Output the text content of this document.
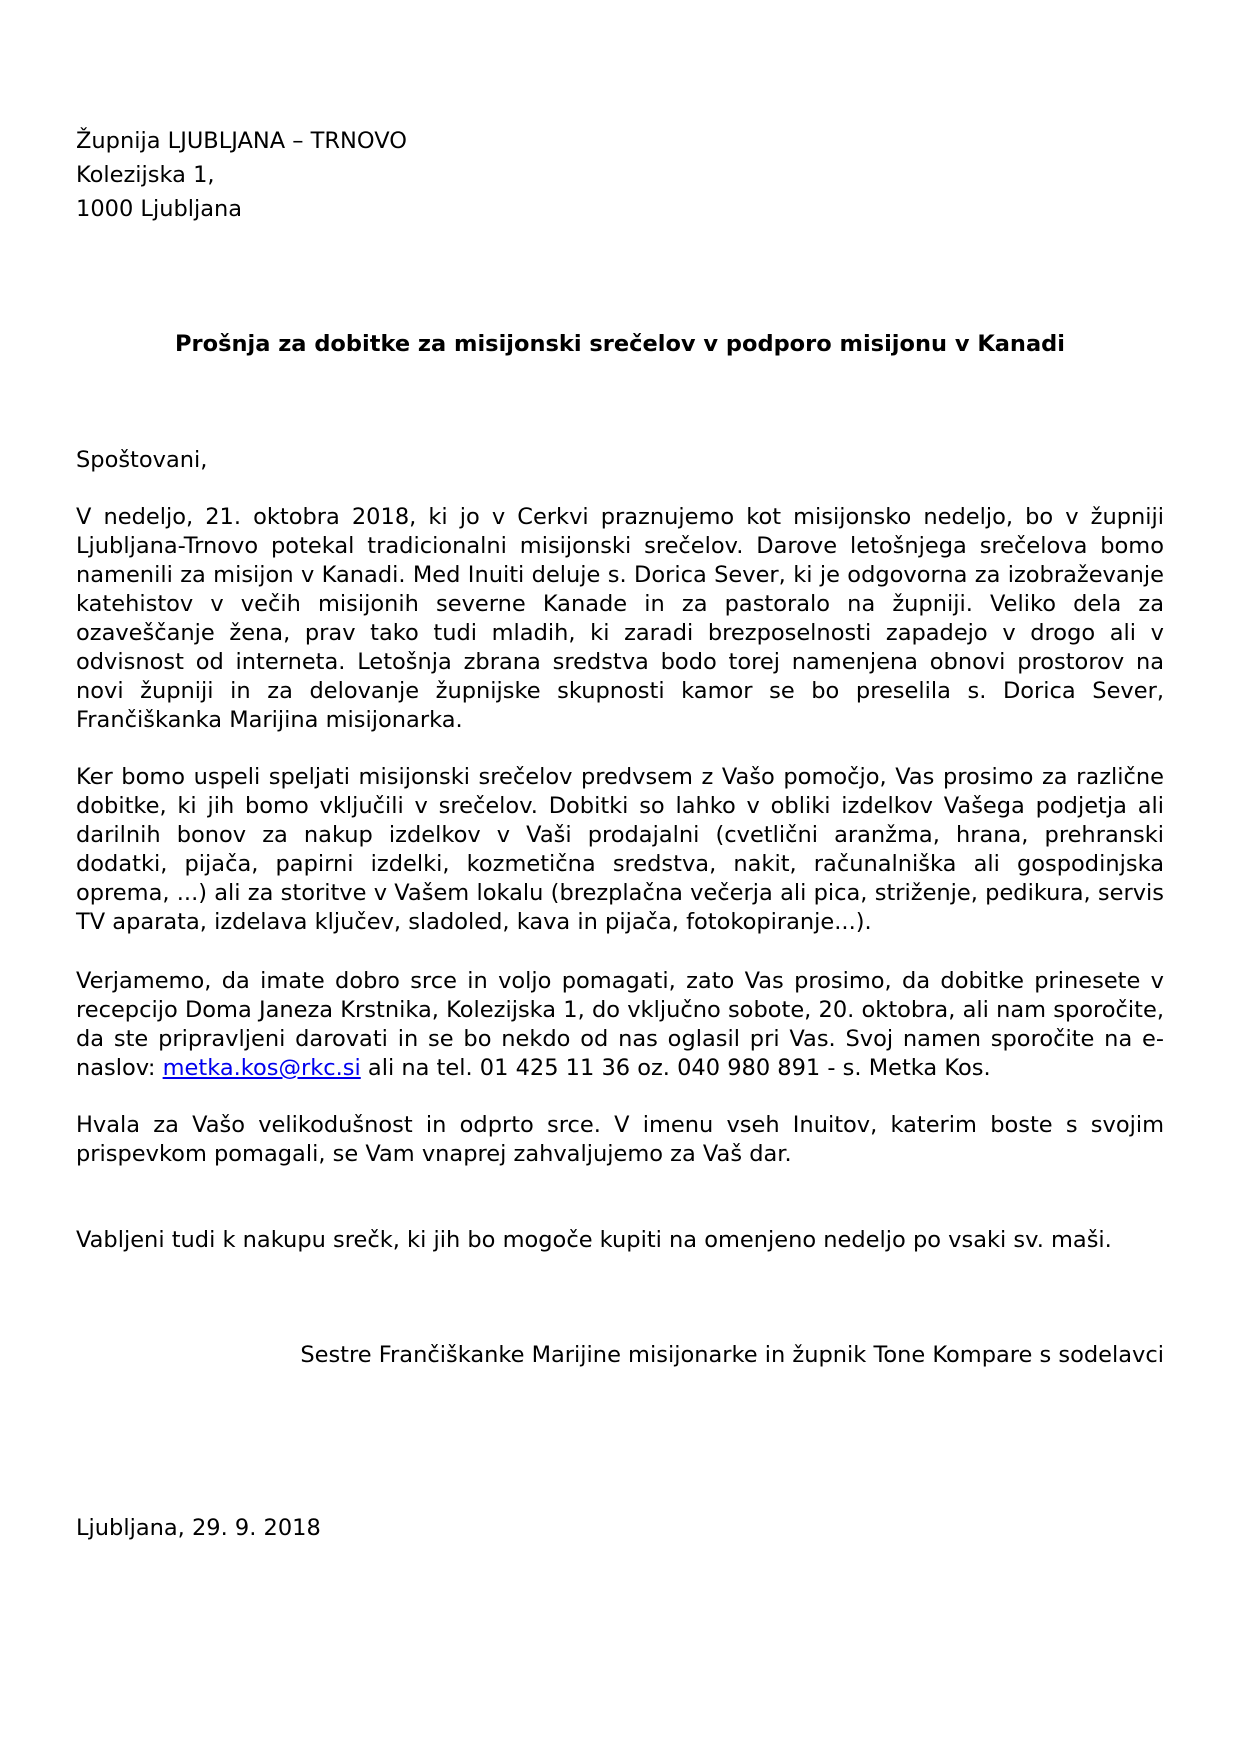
Župnija LJUBLJANA – TRNOVO
Kolezijska 1,
1000 Ljubljana
Prošnja za dobitke za misijonski srečelov v podporo misijonu v Kanadi
Spoštovani,
V nedeljo, 21. oktobra 2018, ki jo v Cerkvi praznujemo kot misijonsko nedeljo, bo v župniji Ljubljana-Trnovo potekal tradicionalni misijonski srečelov. Darove letošnjega srečelova bomo namenili za misijon v Kanadi. Med Inuiti deluje s. Dorica Sever, ki je odgovorna za izobraževanje katehistov v večih misijonih severne Kanade in za pastoralo na župniji. Veliko dela za ozaveščanje žena, prav tako tudi mladih, ki zaradi brezposelnosti zapadejo v drogo ali v odvisnost od interneta. Letošnja zbrana sredstva bodo torej namenjena obnovi prostorov na novi župniji in za delovanje župnijske skupnosti kamor se bo preselila s. Dorica Sever, Frančiškanka Marijina misijonarka.
Ker bomo uspeli speljati misijonski srečelov predvsem z Vašo pomočjo, Vas prosimo za različne dobitke, ki jih bomo vključili v srečelov. Dobitki so lahko v obliki izdelkov Vašega podjetja ali darilnih bonov za nakup izdelkov v Vaši prodajalni (cvetlični aranžma, hrana, prehranski dodatki, pijača, papirni izdelki, kozmetična sredstva, nakit, računalniška ali gospodinjska oprema, ...) ali za storitve v Vašem lokalu (brezplačna večerja ali pica, striženje, pedikura, servis TV aparata, izdelava ključev, sladoled, kava in pijača, fotokopiranje...).
Verjamemo, da imate dobro srce in voljo pomagati, zato Vas prosimo, da dobitke prinesete v recepcijo Doma Janeza Krstnika, Kolezijska 1, do vključno sobote, 20. oktobra, ali nam sporočite, da ste pripravljeni darovati in se bo nekdo od nas oglasil pri Vas. Svoj namen sporočite na e-naslov: metka.kos@rkc.si ali na tel. 01 425 11 36 oz. 040 980 891 - s. Metka Kos.
Hvala za Vašo velikodušnost in odprto srce. V imenu vseh Inuitov, katerim boste s svojim prispevkom pomagali, se Vam vnaprej zahvaljujemo za Vaš dar.
Vabljeni tudi k nakupu srečk, ki jih bo mogoče kupiti na omenjeno nedeljo po vsaki sv. maši.
Sestre Frančiškanke Marijine misijonarke in župnik Tone Kompare s sodelavci
Ljubljana, 29. 9. 2018
